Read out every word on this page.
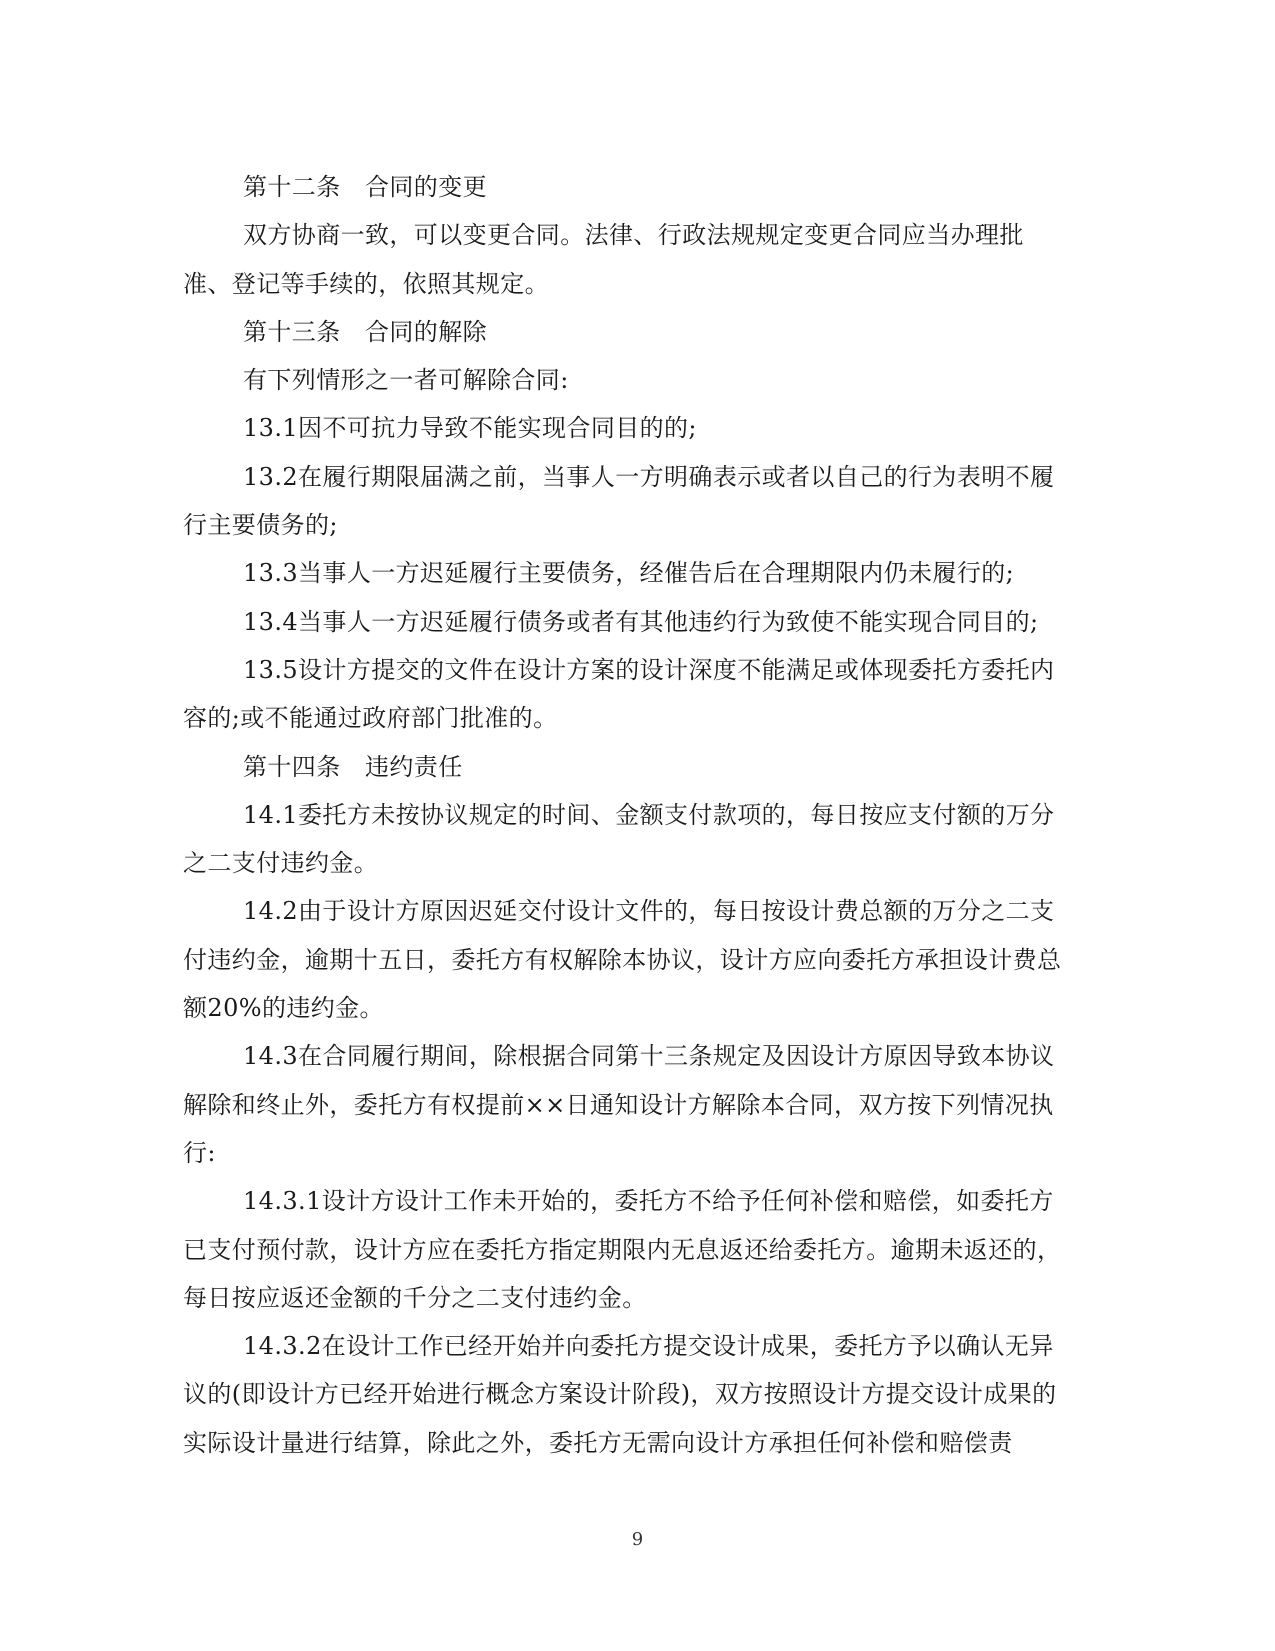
第十二条　合同的变更

双方协商一致，可以变更合同。法律、行政法规规定变更合同应当办理批准、登记等手续的，依照其规定。

第十三条　合同的解除

有下列情形之一者可解除合同:

13.1因不可抗力导致不能实现合同目的的;

13.2在履行期限届满之前，当事人一方明确表示或者以自己的行为表明不履行主要债务的;

13.3当事人一方迟延履行主要债务，经催告后在合理期限内仍未履行的;

13.4当事人一方迟延履行债务或者有其他违约行为致使不能实现合同目的;

13.5设计方提交的文件在设计方案的设计深度不能满足或体现委托方委托内容的;或不能通过政府部门批准的。

第十四条　违约责任

14.1委托方未按协议规定的时间、金额支付款项的，每日按应支付额的万分之二支付违约金。

14.2由于设计方原因迟延交付设计文件的，每日按设计费总额的万分之二支付违约金，逾期十五日，委托方有权解除本协议，设计方应向委托方承担设计费总额20%的违约金。

14.3在合同履行期间，除根据合同第十三条规定及因设计方原因导致本协议解除和终止外，委托方有权提前××日通知设计方解除本合同，双方按下列情况执行:

14.3.1设计方设计工作未开始的，委托方不给予任何补偿和赔偿，如委托方已支付预付款，设计方应在委托方指定期限内无息返还给委托方。逾期未返还的，每日按应返还金额的千分之二支付违约金。

14.3.2在设计工作已经开始并向委托方提交设计成果，委托方予以确认无异议的(即设计方已经开始进行概念方案设计阶段)，双方按照设计方提交设计成果的实际设计量进行结算，除此之外，委托方无需向设计方承担任何补偿和赔偿责

9
